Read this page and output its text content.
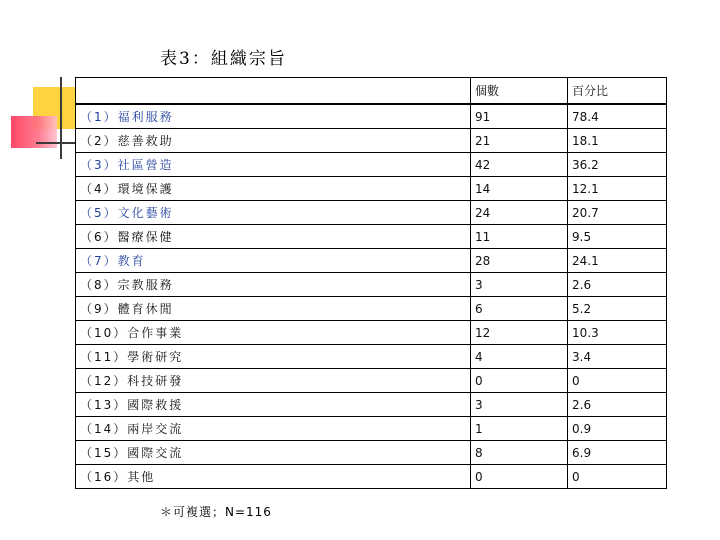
表3：組織宗旨
	個數	百分比
（1）福利服務	91	78.4
（2）慈善救助	21	18.1
（3）社區營造	42	36.2
（4）環境保護	14	12.1
（5）文化藝術	24	20.7
（6）醫療保健	11	9.5
（7）教育	28	24.1
（8）宗教服務	3	2.6
（9）體育休閒	6	5.2
（10）合作事業	12	10.3
（11）學術研究	4	3.4
（12）科技研發	0	0
（13）國際救援	3	2.6
（14）兩岸交流	1	0.9
（15）國際交流	8	6.9
（16）其他	0	0
＊可複選；N=116
